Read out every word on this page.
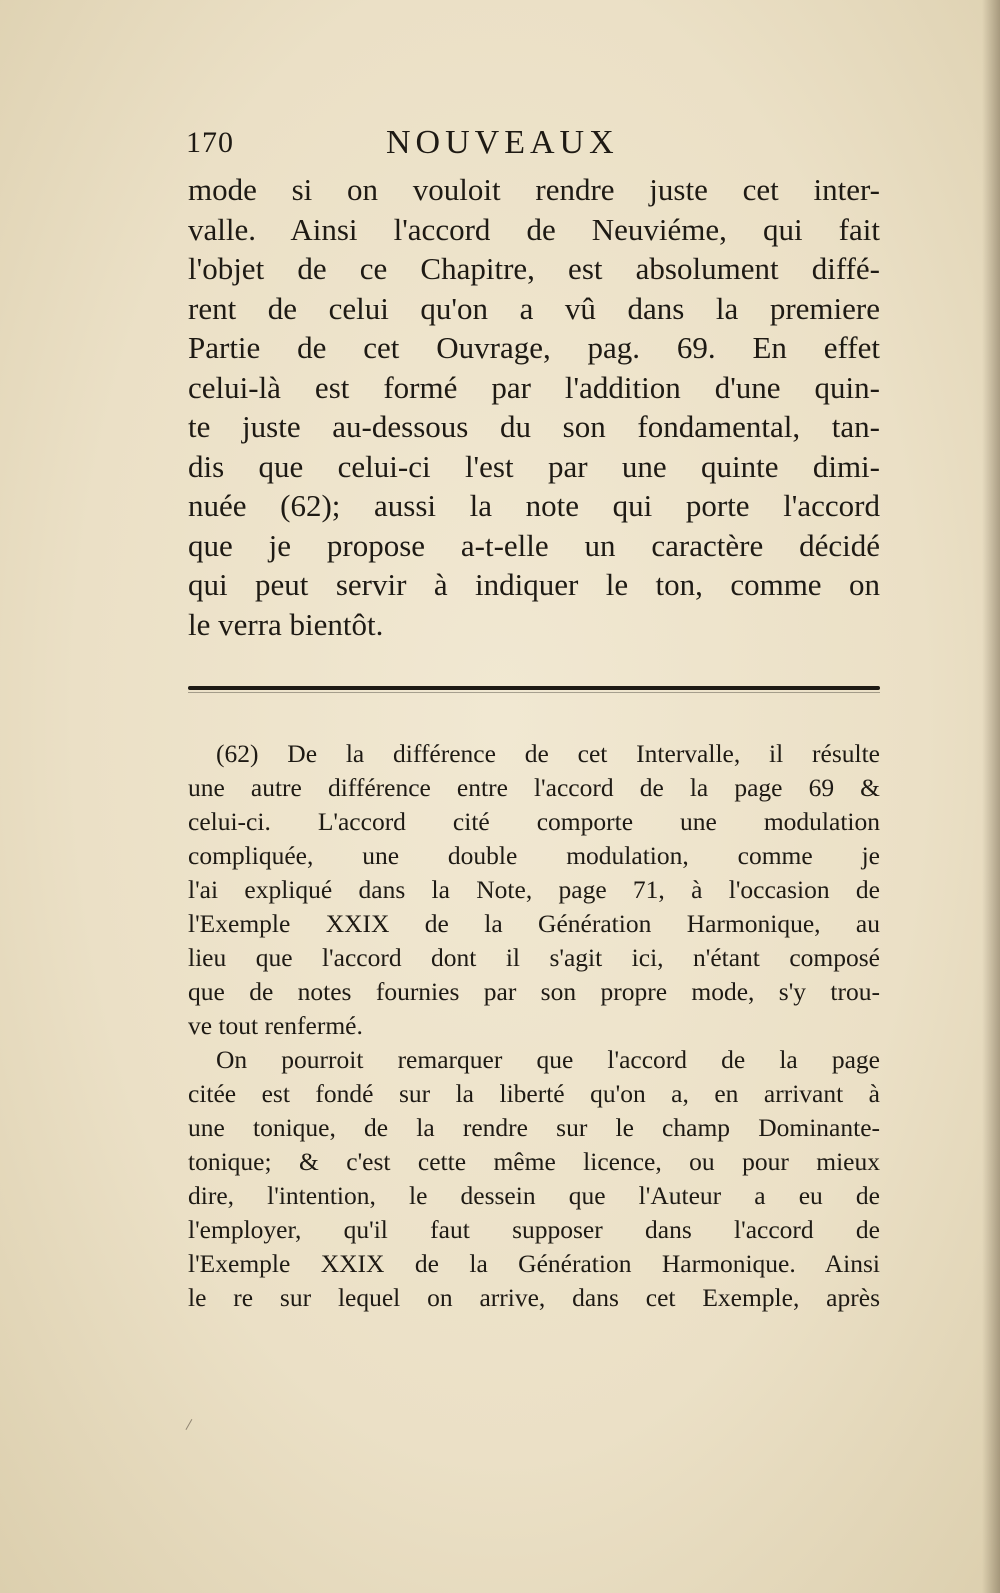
170	NOUVEAUX
mode si on vouloit rendre juste cet inter-
valle. Ainsi l'accord de Neuviéme, qui fait
l'objet de ce Chapitre, est absolument diffé-
rent de celui qu'on a vû dans la premiere
Partie de cet Ouvrage, pag. 69. En effet
celui-là est formé par l'addition d'une quin-
te juste au-dessous du son fondamental, tan-
dis que celui-ci l'est par une quinte dimi-
nuée (62); aussi la note qui porte l'accord
que je propose a-t-elle un caractère décidé
qui peut servir à indiquer le ton, comme on
le verra bientôt.
(62) De la différence de cet Intervalle, il résulte
une autre différence entre l'accord de la page 69 &
celui-ci. L'accord cité comporte une modulation
compliquée, une double modulation, comme je
l'ai expliqué dans la Note, page 71, à l'occasion de
l'Exemple XXIX de la Génération Harmonique, au
lieu que l'accord dont il s'agit ici, n'étant composé
que de notes fournies par son propre mode, s'y trou-
ve tout renfermé.
On pourroit remarquer que l'accord de la page
citée est fondé sur la liberté qu'on a, en arrivant à
une tonique, de la rendre sur le champ Dominante-
tonique; & c'est cette même licence, ou pour mieux
dire, l'intention, le dessein que l'Auteur a eu de
l'employer, qu'il faut supposer dans l'accord de
l'Exemple XXIX de la Génération Harmonique. Ainsi
le re sur lequel on arrive, dans cet Exemple, après
